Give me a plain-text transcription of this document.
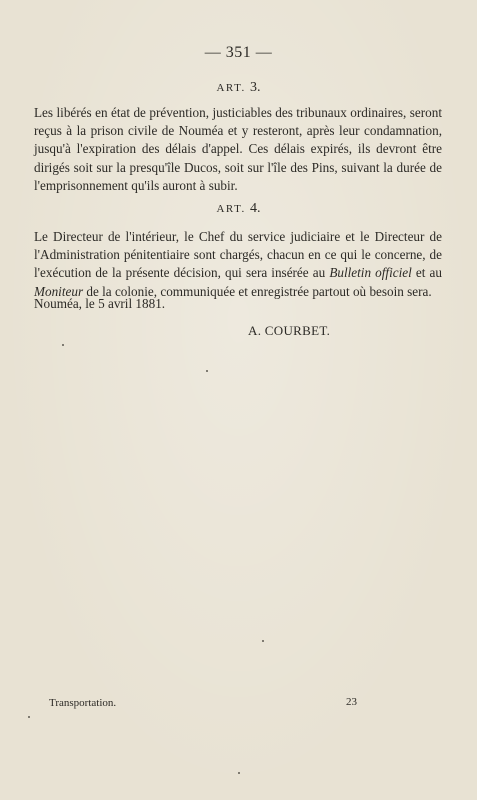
— 351 —
ART. 3.

Les libérés en état de prévention, justiciables des tribunaux ordinaires, seront reçus à la prison civile de Nouméa et y resteront, après leur condamnation, jusqu'à l'expiration des délais d'appel. Ces délais expirés, ils devront être dirigés soit sur la presqu'île Ducos, soit sur l'île des Pins, suivant la durée de l'emprisonnement qu'ils auront à subir.

ART. 4.

Le Directeur de l'intérieur, le Chef du service judiciaire et le Directeur de l'Administration pénitentiaire sont chargés, chacun en ce qui le concerne, de l'exécution de la présente décision, qui sera insérée au Bulletin officiel et au Moniteur de la colonie, communiquée et enregistrée partout où besoin sera.

Nouméa, le 5 avril 1881.
A. COURBET.
Transportation.	23
